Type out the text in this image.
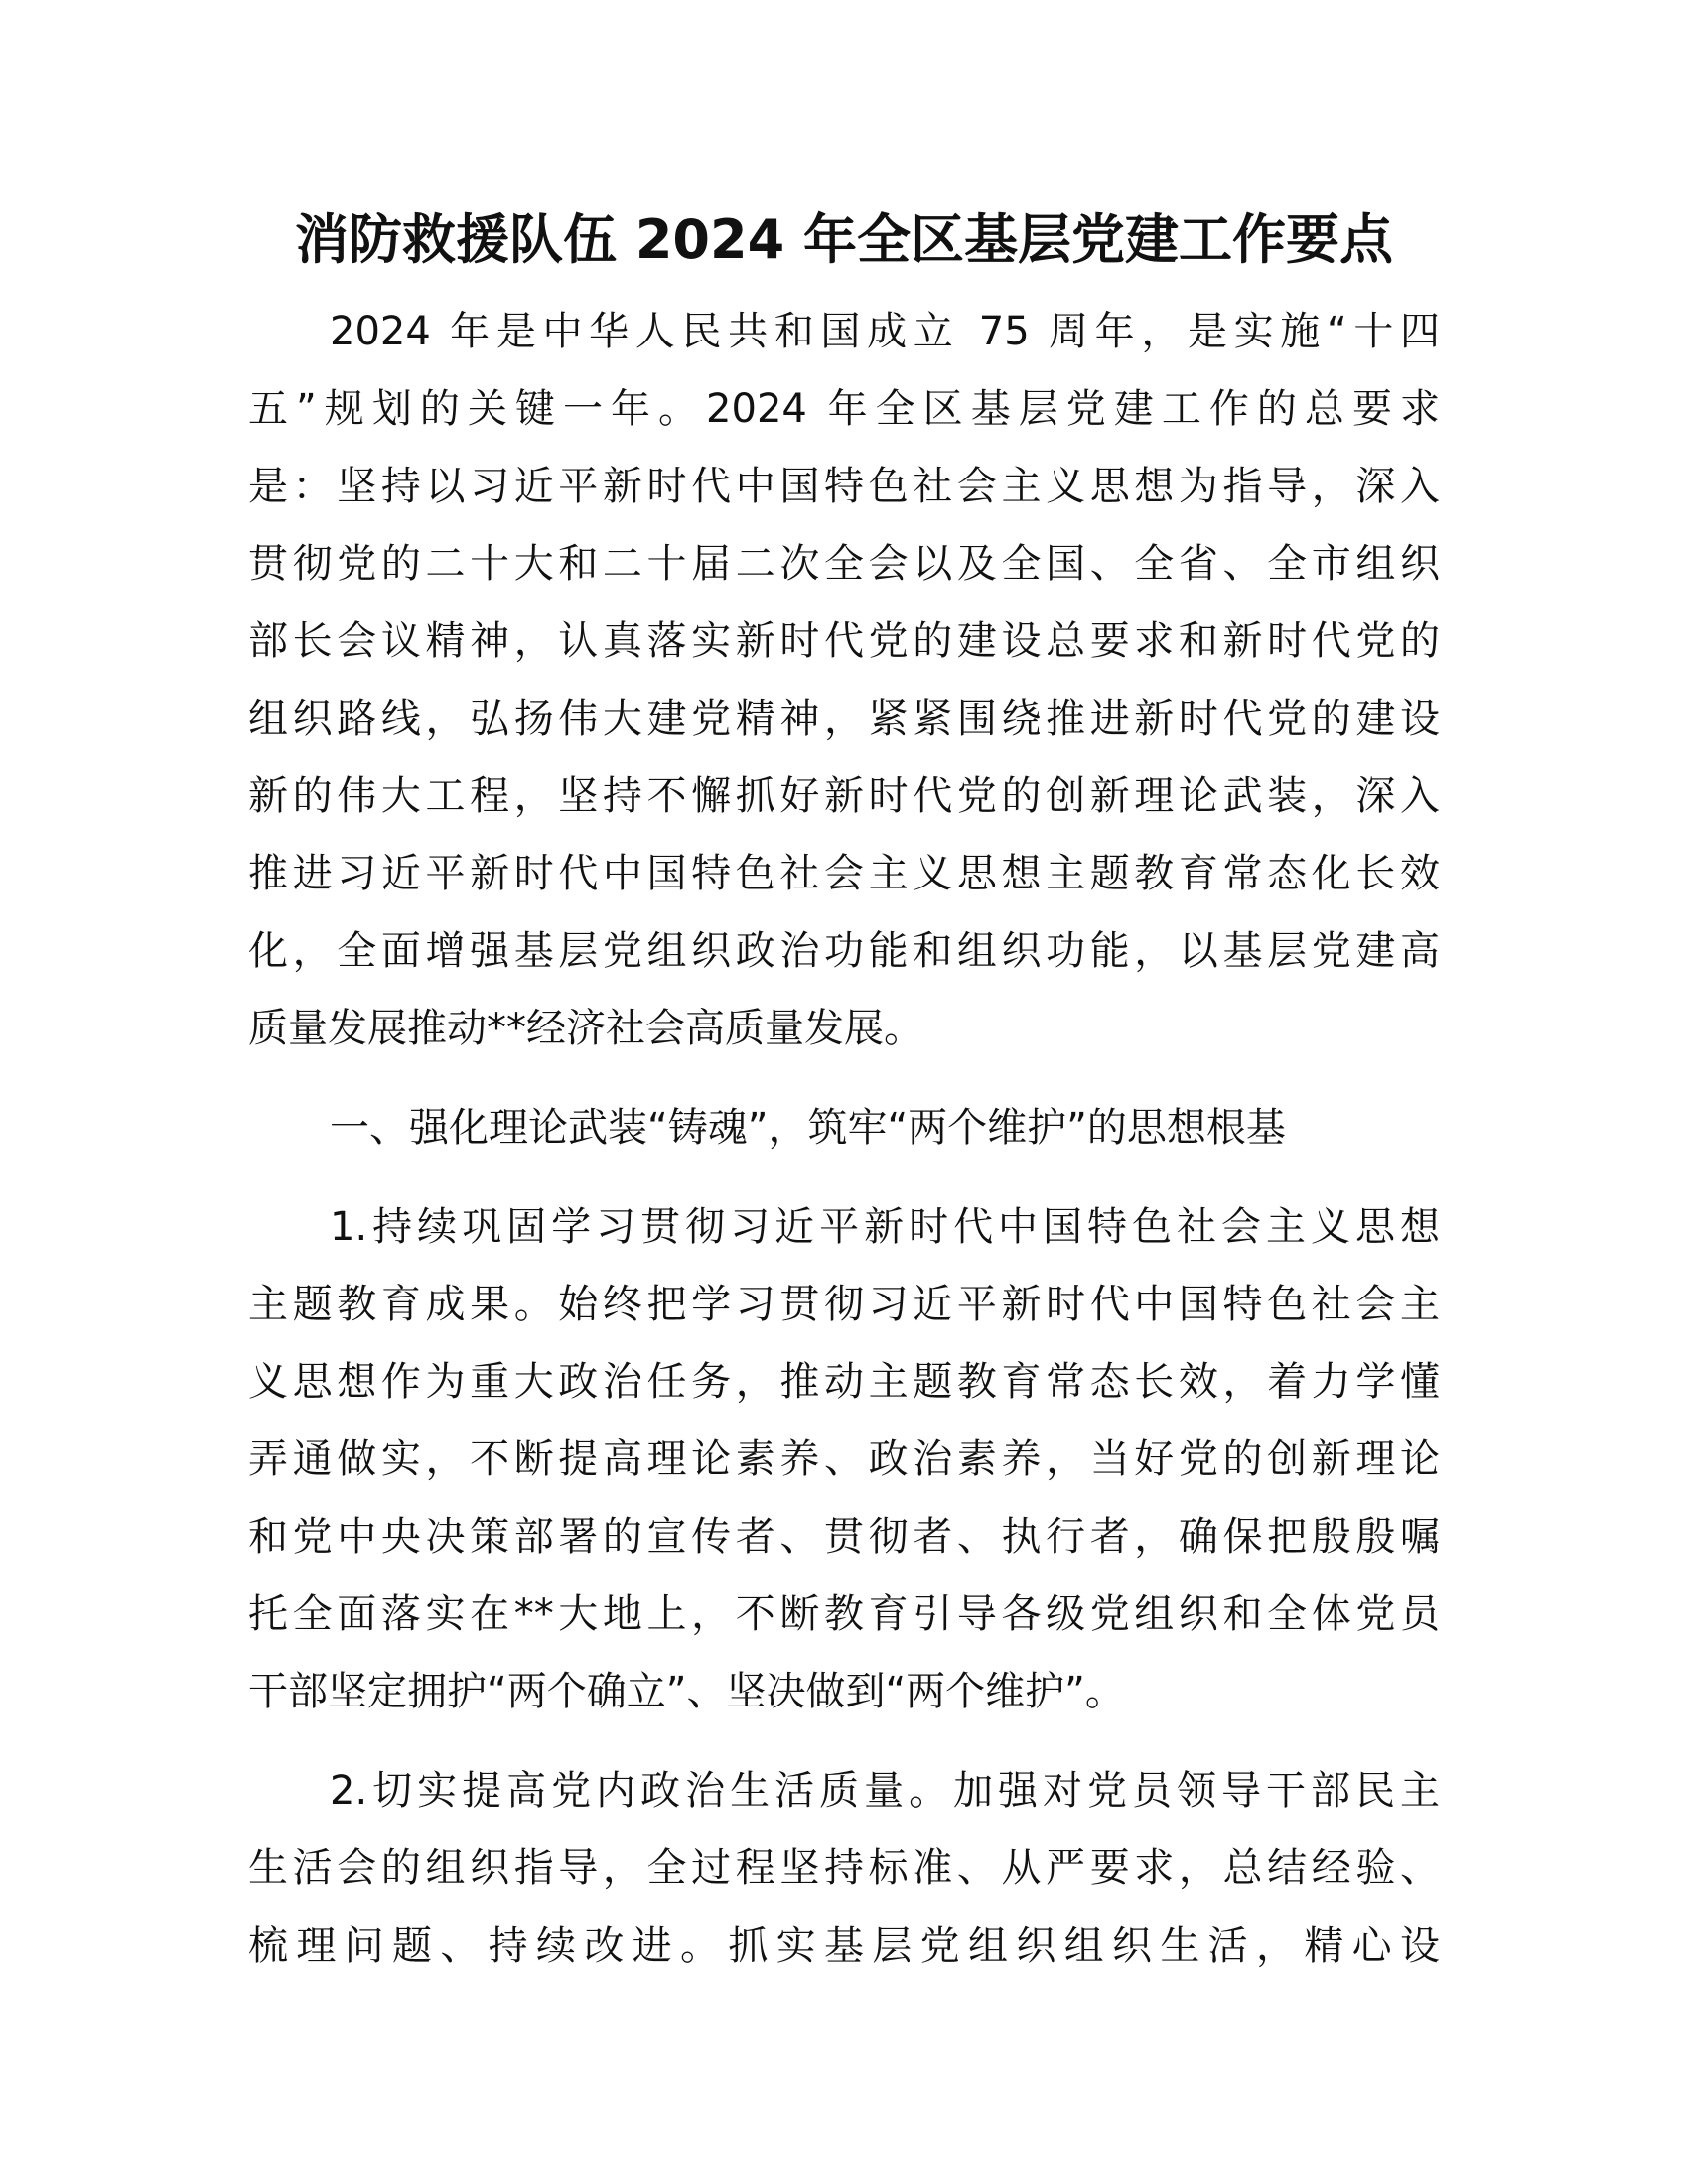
消防救援队伍 2024 年全区基层党建工作要点
2024 年是中华人民共和国成立 75 周年，是实施“十四
五”规划的关键一年。2024 年全区基层党建工作的总要求
是：坚持以习近平新时代中国特色社会主义思想为指导，深入
贯彻党的二十大和二十届二次全会以及全国、全省、全市组织
部长会议精神，认真落实新时代党的建设总要求和新时代党的
组织路线，弘扬伟大建党精神，紧紧围绕推进新时代党的建设
新的伟大工程，坚持不懈抓好新时代党的创新理论武装，深入
推进习近平新时代中国特色社会主义思想主题教育常态化长效
化，全面增强基层党组织政治功能和组织功能，以基层党建高
质量发展推动**经济社会高质量发展。
一、强化理论武装“铸魂”，筑牢“两个维护”的思想根基
1.持续巩固学习贯彻习近平新时代中国特色社会主义思想
主题教育成果。始终把学习贯彻习近平新时代中国特色社会主
义思想作为重大政治任务，推动主题教育常态长效，着力学懂
弄通做实，不断提高理论素养、政治素养，当好党的创新理论
和党中央决策部署的宣传者、贯彻者、执行者，确保把殷殷嘱
托全面落实在**大地上，不断教育引导各级党组织和全体党员
干部坚定拥护“两个确立”、坚决做到“两个维护”。
2.切实提高党内政治生活质量。加强对党员领导干部民主
生活会的组织指导，全过程坚持标准、从严要求，总结经验、
梳理问题、持续改进。抓实基层党组织组织生活，精心设
